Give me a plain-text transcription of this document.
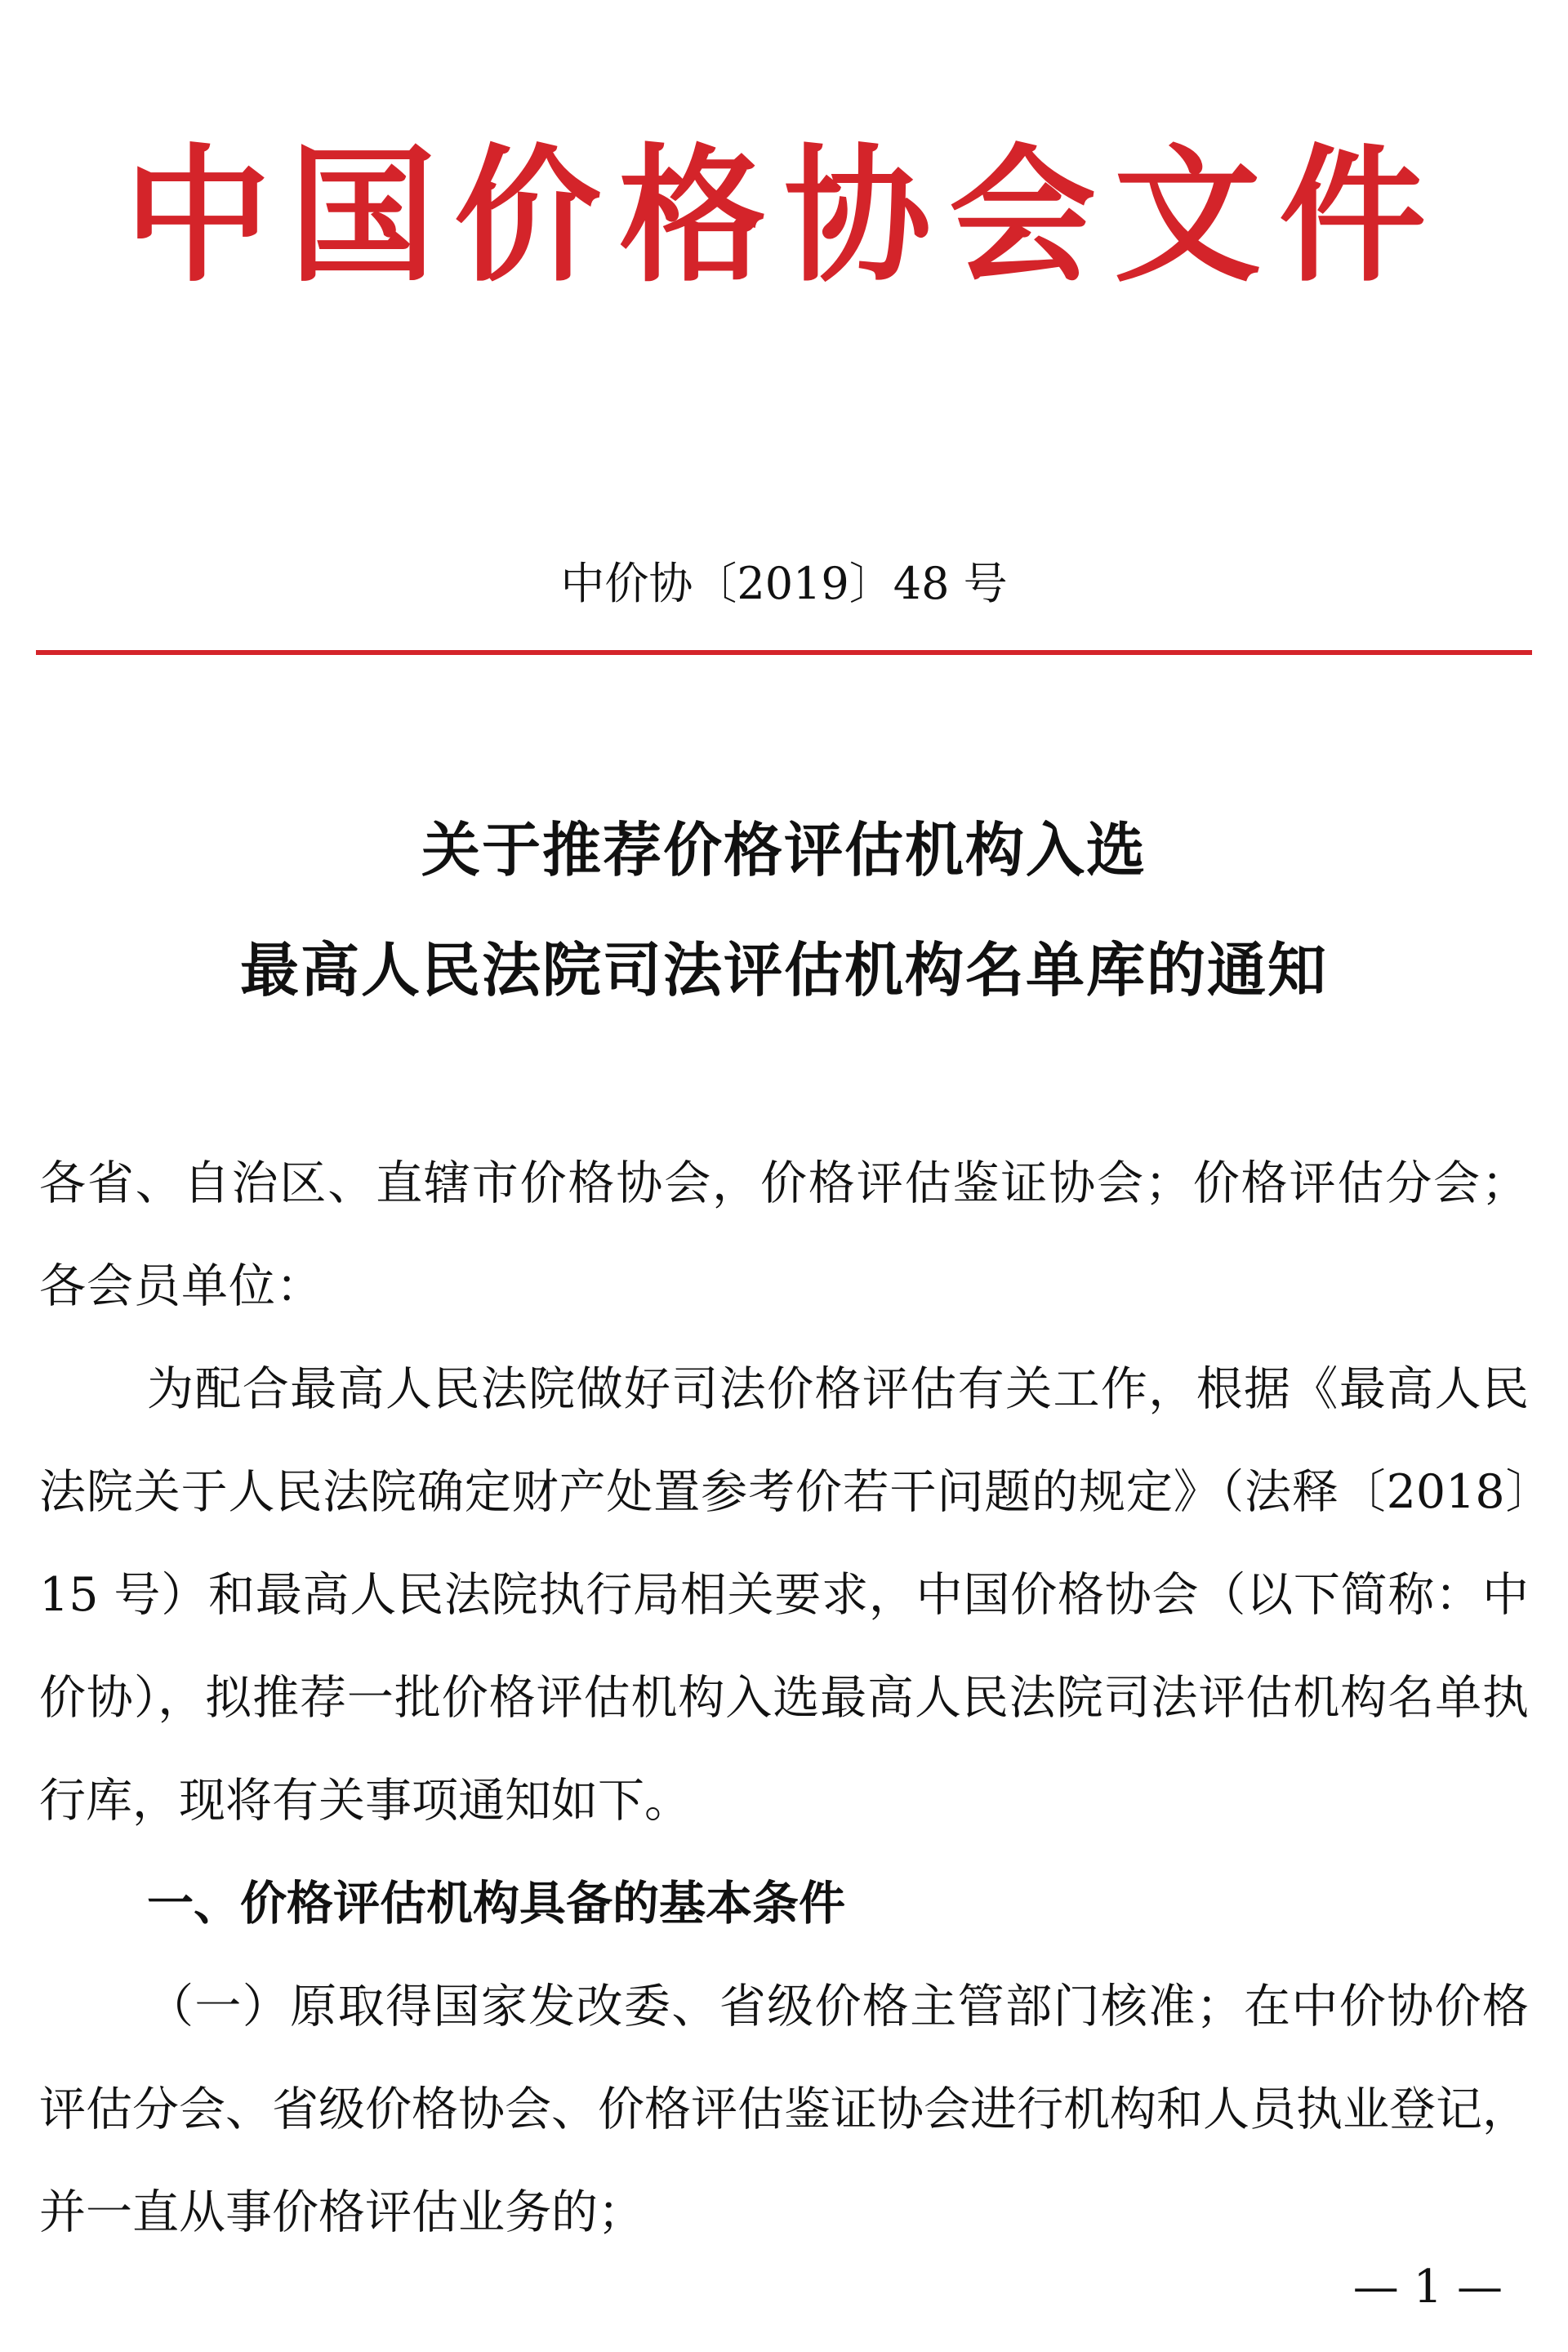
中国价格协会文件
中价协〔2019〕48 号
关于推荐价格评估机构入选
最高人民法院司法评估机构名单库的通知

各省、自治区、直辖市价格协会，价格评估鉴证协会；价格评估分会；各会员单位：

为配合最高人民法院做好司法价格评估有关工作，根据《最高人民法院关于人民法院确定财产处置参考价若干问题的规定》（法释〔2018〕15 号）和最高人民法院执行局相关要求，中国价格协会（以下简称：中价协），拟推荐一批价格评估机构入选最高人民法院司法评估机构名单执行库，现将有关事项通知如下。

一、价格评估机构具备的基本条件

（一）原取得国家发改委、省级价格主管部门核准；在中价协价格评估分会、省级价格协会、价格评估鉴证协会进行机构和人员执业登记，并一直从事价格评估业务的；

— 1 —
